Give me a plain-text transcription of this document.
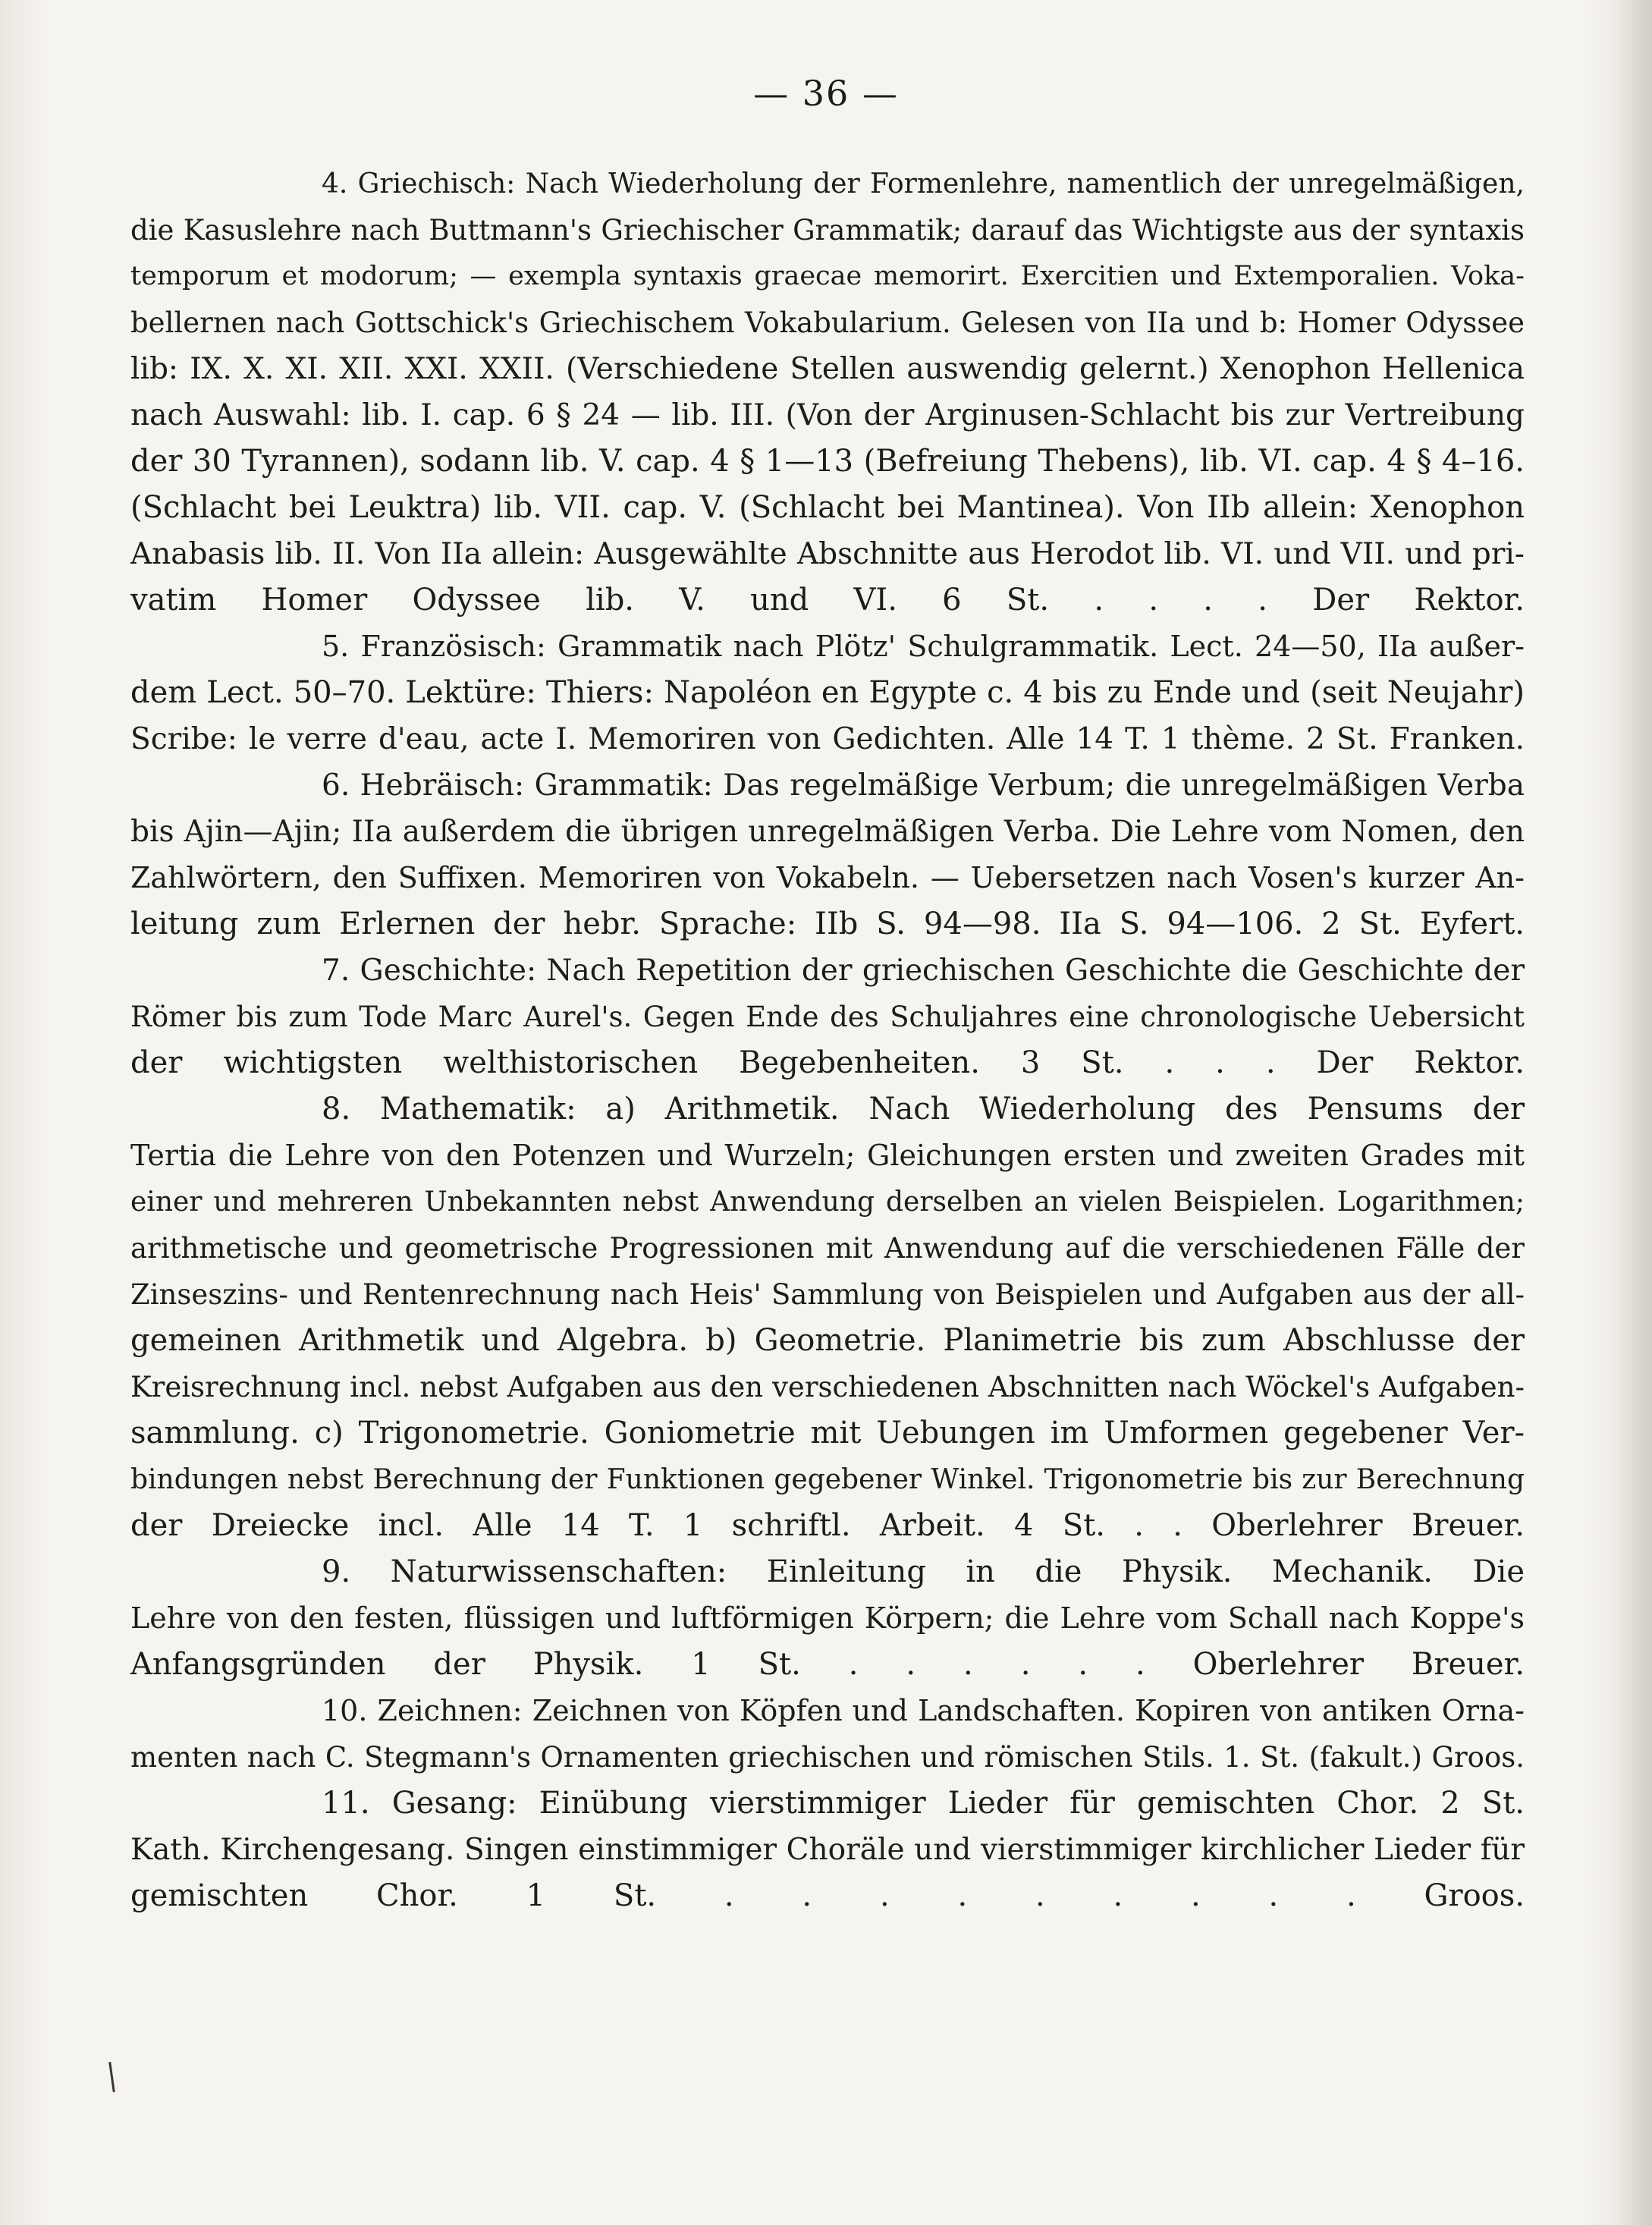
— 36 —
4. Griechisch: Nach Wiederholung der Formenlehre, namentlich der unregelmäßigen,
die Kasuslehre nach Buttmann's Griechischer Grammatik; darauf das Wichtigste aus der syntaxis
temporum et modorum; — exempla syntaxis graecae memorirt. Exercitien und Extemporalien. Voka-
bellernen nach Gottschick's Griechischem Vokabularium. Gelesen von IIa und b: Homer Odyssee
lib: IX. X. XI. XII. XXI. XXII. (Verschiedene Stellen auswendig gelernt.) Xenophon Hellenica
nach Auswahl: lib. I. cap. 6 § 24 — lib. III. (Von der Arginusen-Schlacht bis zur Vertreibung
der 30 Tyrannen), sodann lib. V. cap. 4 § 1—13 (Befreiung Thebens), lib. VI. cap. 4 § 4–16.
(Schlacht bei Leuktra) lib. VII. cap. V. (Schlacht bei Mantinea). Von IIb allein: Xenophon
Anabasis lib. II. Von IIa allein: Ausgewählte Abschnitte aus Herodot lib. VI. und VII. und pri-
vatim Homer Odyssee lib. V. und VI. 6 St. . . . . Der Rektor.
5. Französisch: Grammatik nach Plötz' Schulgrammatik. Lect. 24—50, IIa außer-
dem Lect. 50–70. Lektüre: Thiers: Napoléon en Egypte c. 4 bis zu Ende und (seit Neujahr)
Scribe: le verre d'eau, acte I. Memoriren von Gedichten. Alle 14 T. 1 thème. 2 St. Franken.
6. Hebräisch: Grammatik: Das regelmäßige Verbum; die unregelmäßigen Verba
bis Ajin—Ajin; IIa außerdem die übrigen unregelmäßigen Verba. Die Lehre vom Nomen, den
Zahlwörtern, den Suffixen. Memoriren von Vokabeln. — Uebersetzen nach Vosen's kurzer An-
leitung zum Erlernen der hebr. Sprache: IIb S. 94—98. IIa S. 94—106. 2 St. Eyfert.
7. Geschichte: Nach Repetition der griechischen Geschichte die Geschichte der
Römer bis zum Tode Marc Aurel's. Gegen Ende des Schuljahres eine chronologische Uebersicht
der wichtigsten welthistorischen Begebenheiten. 3 St. . . . Der Rektor.
8. Mathematik: a) Arithmetik. Nach Wiederholung des Pensums der
Tertia die Lehre von den Potenzen und Wurzeln; Gleichungen ersten und zweiten Grades mit
einer und mehreren Unbekannten nebst Anwendung derselben an vielen Beispielen. Logarithmen;
arithmetische und geometrische Progressionen mit Anwendung auf die verschiedenen Fälle der
Zinseszins- und Rentenrechnung nach Heis' Sammlung von Beispielen und Aufgaben aus der all-
gemeinen Arithmetik und Algebra. b) Geometrie. Planimetrie bis zum Abschlusse der
Kreisrechnung incl. nebst Aufgaben aus den verschiedenen Abschnitten nach Wöckel's Aufgaben-
sammlung. c) Trigonometrie. Goniometrie mit Uebungen im Umformen gegebener Ver-
bindungen nebst Berechnung der Funktionen gegebener Winkel. Trigonometrie bis zur Berechnung
der Dreiecke incl. Alle 14 T. 1 schriftl. Arbeit. 4 St. . . Oberlehrer Breuer.
9. Naturwissenschaften: Einleitung in die Physik. Mechanik. Die
Lehre von den festen, flüssigen und luftförmigen Körpern; die Lehre vom Schall nach Koppe's
Anfangsgründen der Physik. 1 St. . . . . . . Oberlehrer Breuer.
10. Zeichnen: Zeichnen von Köpfen und Landschaften. Kopiren von antiken Orna-
menten nach C. Stegmann's Ornamenten griechischen und römischen Stils. 1. St. (fakult.) Groos.
11. Gesang: Einübung vierstimmiger Lieder für gemischten Chor. 2 St.
Kath. Kirchengesang. Singen einstimmiger Choräle und vierstimmiger kirchlicher Lieder für
gemischten Chor. 1 St. . . . . . . . . . Groos.
